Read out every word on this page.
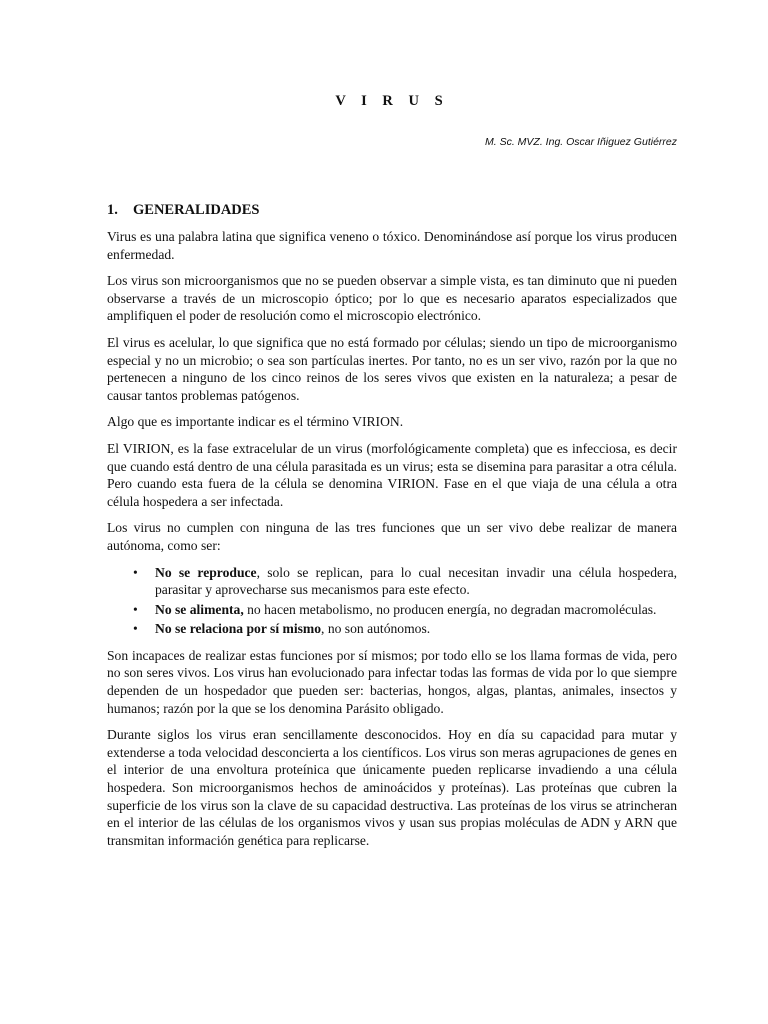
V I R U S

M. Sc. MVZ. Ing. Oscar Iñiguez Gutiérrez

1. GENERALIDADES

Virus es una palabra latina que significa veneno o tóxico. Denominándose así porque los virus producen enfermedad.

Los virus son microorganismos que no se pueden observar a simple vista, es tan diminuto que ni pueden observarse a través de un microscopio óptico; por lo que es necesario aparatos especializados que amplifiquen el poder de resolución como el microscopio electrónico.

El virus es acelular, lo que significa que no está formado por células; siendo un tipo de microorganismo especial y no un microbio; o sea son partículas inertes. Por tanto, no es un ser vivo, razón por la que no pertenecen a ninguno de los cinco reinos de los seres vivos que existen en la naturaleza; a pesar de causar tantos problemas patógenos.

Algo que es importante indicar es el término VIRION.

El VIRION, es la fase extracelular de un virus (morfológicamente completa) que es infecciosa, es decir que cuando está dentro de una célula parasitada es un virus; esta se disemina para parasitar a otra célula. Pero cuando esta fuera de la célula se denomina VIRION. Fase en el que viaja de una célula a otra célula hospedera a ser infectada.

Los virus no cumplen con ninguna de las tres funciones que un ser vivo debe realizar de manera autónoma, como ser:

• No se reproduce, solo se replican, para lo cual necesitan invadir una célula hospedera, parasitar y aprovecharse sus mecanismos para este efecto.
• No se alimenta, no hacen metabolismo, no producen energía, no degradan macromoléculas.
• No se relaciona por sí mismo, no son autónomos.

Son incapaces de realizar estas funciones por sí mismos; por todo ello se los llama formas de vida, pero no son seres vivos. Los virus han evolucionado para infectar todas las formas de vida por lo que siempre dependen de un hospedador que pueden ser: bacterias, hongos, algas, plantas, animales, insectos y humanos; razón por la que se los denomina Parásito obligado.

Durante siglos los virus eran sencillamente desconocidos. Hoy en día su capacidad para mutar y extenderse a toda velocidad desconcierta a los científicos. Los virus son meras agrupaciones de genes en el interior de una envoltura proteínica que únicamente pueden replicarse invadiendo a una célula hospedera. Son microorganismos hechos de aminoácidos y proteínas). Las proteínas que cubren la superficie de los virus son la clave de su capacidad destructiva. Las proteínas de los virus se atrincheran en el interior de las células de los organismos vivos y usan sus propias moléculas de ADN y ARN que transmitan información genética para replicarse.
